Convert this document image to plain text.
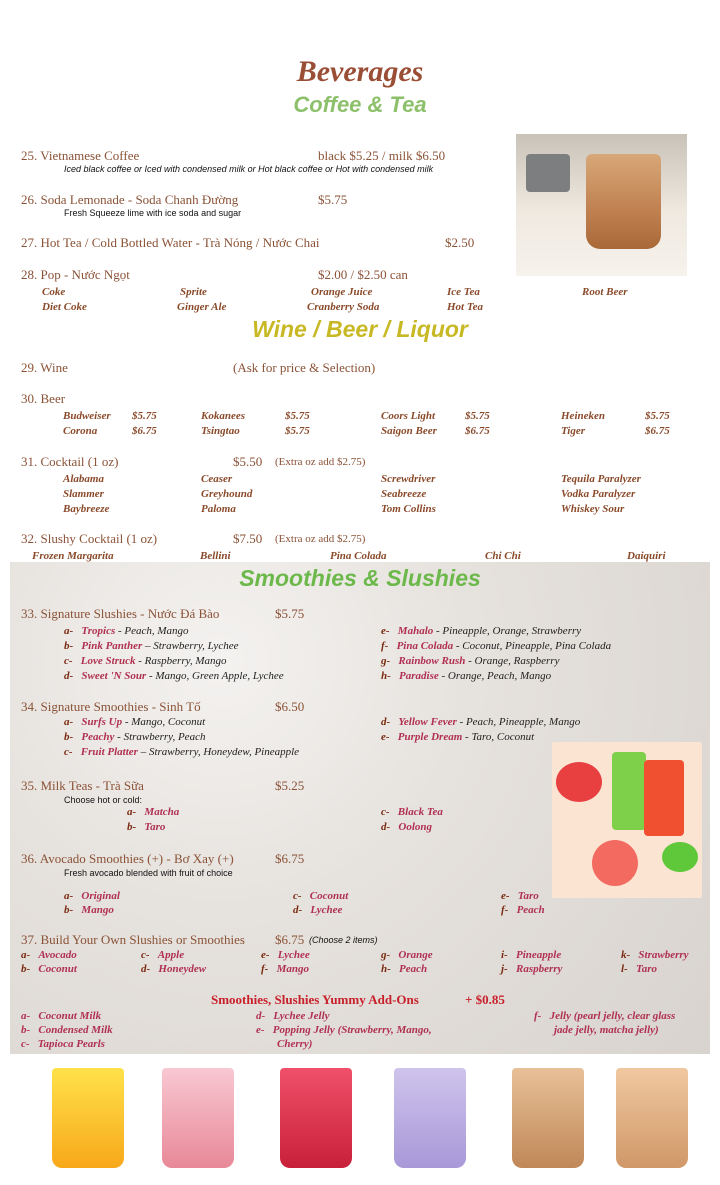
Beverages
Coffee & Tea
25. Vietnamese Coffee	black $5.25 / milk $6.50
Iced black coffee or Iced with condensed milk or Hot black coffee or Hot with condensed milk
26. Soda Lemonade - Soda Chanh Đường	$5.75
Fresh Squeeze lime with ice soda and sugar
27. Hot Tea / Cold Bottled Water - Trà Nóng / Nước Chai	$2.50
28. Pop - Nước Ngọt	$2.00 / $2.50 can
Coke	Sprite	Orange Juice	Ice Tea	Root Beer
Diet Coke	Ginger Ale	Cranberry Soda	Hot Tea
Wine / Beer / Liquor
29. Wine	(Ask for price & Selection)
30. Beer
Budweiser $5.75	Kokanees	$5.75	Coors Light	$5.75	Heineken	$5.75
Corona	$6.75	Tsingtao	$5.75	Saigon Beer	$6.75	Tiger	$6.75
31. Cocktail (1 oz)	$5.50 (Extra oz add $2.75)
Alabama	Ceaser	Screwdriver	Tequila Paralyzer
Slammer	Greyhound	Seabreeze	Vodka Paralyzer
Baybreeze	Paloma	Tom Collins	Whiskey Sour
32. Slushy Cocktail (1 oz)	$7.50 (Extra oz add $2.75)
Frozen Margarita	Bellini	Pina Colada	Chi Chi	Daiquiri
Smoothies & Slushies
33. Signature Slushies - Nước Đá Bào	$5.75
a- Tropics - Peach, Mango
b- Pink Panther – Strawberry, Lychee
c- Love Struck - Raspberry, Mango
d- Sweet 'N Sour - Mango, Green Apple, Lychee
e- Mahalo - Pineapple, Orange, Strawberry
f- Pina Colada - Coconut, Pineapple, Pina Colada
g- Rainbow Rush - Orange, Raspberry
h- Paradise - Orange, Peach, Mango
34. Signature Smoothies - Sinh Tố	$6.50
a- Surfs Up - Mango, Coconut
b- Peachy - Strawberry, Peach
c- Fruit Platter – Strawberry, Honeydew, Pineapple
d- Yellow Fever - Peach, Pineapple, Mango
e- Purple Dream - Taro, Coconut
35. Milk Teas - Trà Sữa	$5.25
Choose hot or cold:
a- Matcha
b- Taro
c- Black Tea
d- Oolong
36. Avocado Smoothies (+) - Bơ Xay (+)	$6.75
Fresh avocado blended with fruit of choice
a- Original
b- Mango
c- Coconut
d- Lychee
e- Taro
f- Peach
37. Build Your Own Slushies or Smoothies $6.75 (Choose 2 items)
a- Avocado
b- Coconut
c- Apple
d- Honeydew
e- Lychee
f- Mango
g- Orange
h- Peach
i- Pineapple
j- Raspberry
k- Strawberry
l- Taro
Smoothies, Slushies Yummy Add-Ons	+ $0.85
a- Coconut Milk
b- Condensed Milk
c- Tapioca Pearls
d- Lychee Jelly
e- Popping Jelly (Strawberry, Mango,
Cherry)
f- Jelly (pearl jelly, clear glass
jade jelly, matcha jelly)
